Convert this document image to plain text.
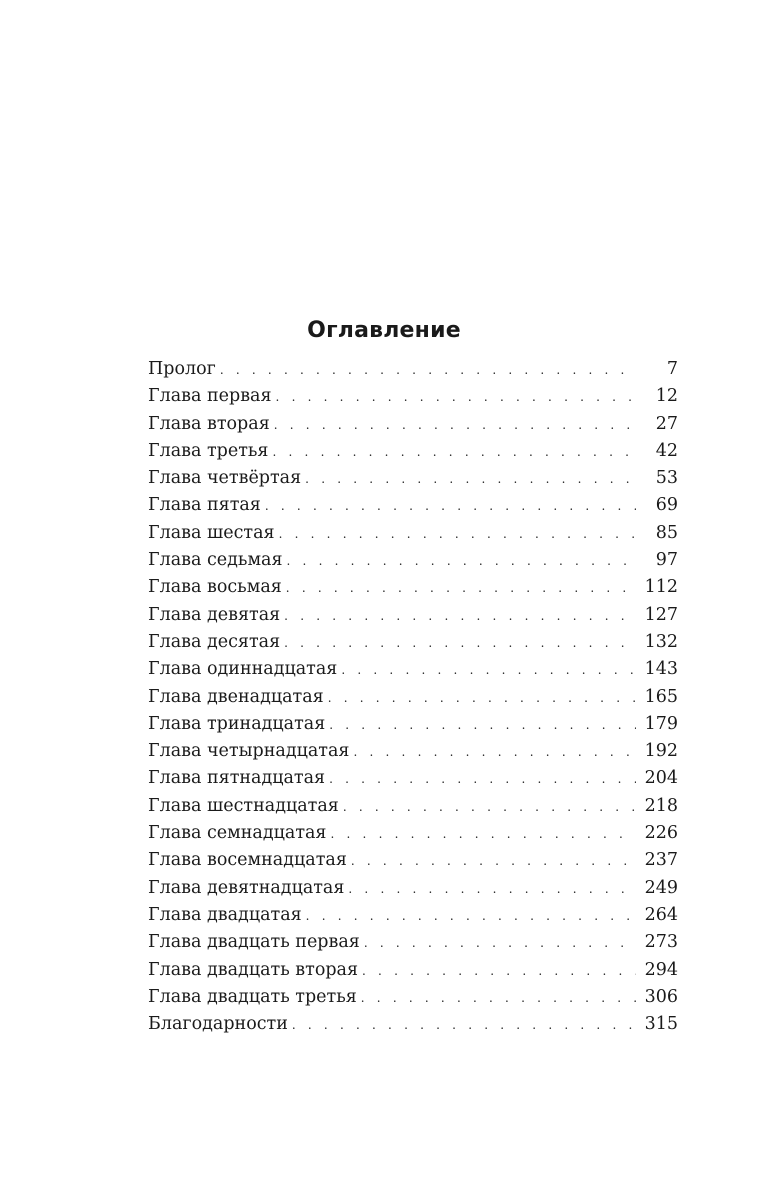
Оглавление
Пролог . . .	7
Глава первая . . .	12
Глава вторая . . .	27
Глава третья . . .	42
Глава четвёртая . . .	53
Глава пятая . . .	69
Глава шестая . . .	85
Глава седьмая . . .	97
Глава восьмая . . .	112
Глава девятая . . .	127
Глава десятая . . .	132
Глава одиннадцатая . . .	143
Глава двенадцатая . . .	165
Глава тринадцатая . . .	179
Глава четырнадцатая . . .	192
Глава пятнадцатая . . .	204
Глава шестнадцатая . . .	218
Глава семнадцатая . . .	226
Глава восемнадцатая . . .	237
Глава девятнадцатая . . .	249
Глава двадцатая . . .	264
Глава двадцать первая . . .	273
Глава двадцать вторая . . .	294
Глава двадцать третья . . .	306
Благодарности . . .	315
